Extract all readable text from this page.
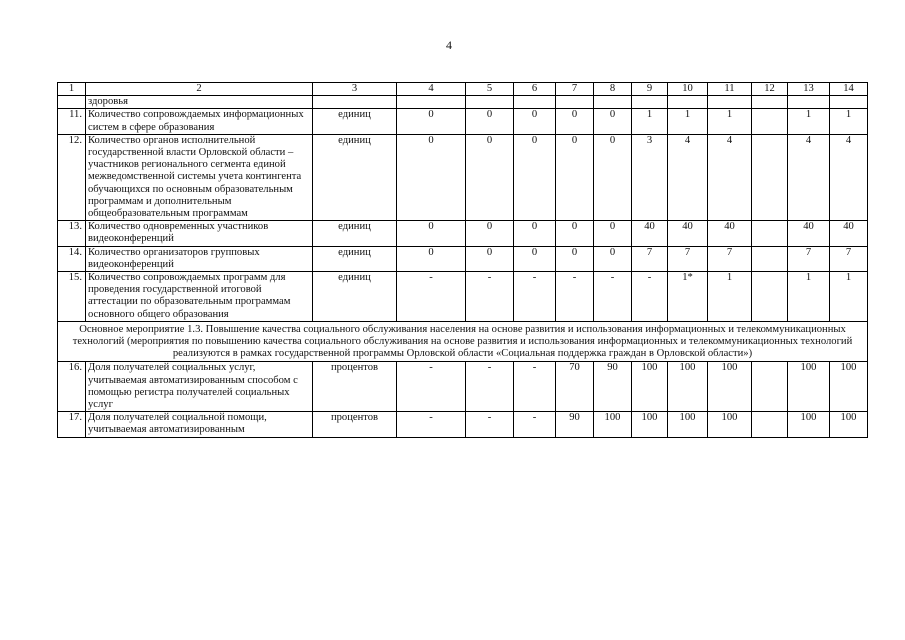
4
1	2	3	4	5	6	7	8	9	10	11	12	13	14
	здоровья												
11.	Количество сопровождаемых информационных систем в сфере образования	единиц	0	0	0	0	0	1	1	1		1	1
12.	Количество органов исполнительной государственной власти Орловской области – участников регионального сегмента единой межведомственной системы учета контингента обучающихся по основным образовательным программам и дополнительным общеобразовательным программам	единиц	0	0	0	0	0	3	4	4		4	4
13.	Количество одновременных участников видеоконференций	единиц	0	0	0	0	0	40	40	40		40	40
14.	Количество организаторов групповых видеоконференций	единиц	0	0	0	0	0	7	7	7		7	7
15.	Количество сопровождаемых программ для проведения государственной итоговой аттестации по образовательным программам основного общего образования	единиц	-	-	-	-	-	-	1*	1		1	1
Основное мероприятие 1.3. Повышение качества социального обслуживания населения на основе развития и использования информационных и телекоммуникационных технологий (мероприятия по повышению качества социального обслуживания на основе развития и использования информационных и телекоммуникационных технологий реализуются в рамках государственной программы Орловской области «Социальная поддержка граждан в Орловской области»)													
16.	Доля получателей социальных услуг, учитываемая автоматизированным способом с помощью регистра получателей социальных услуг	процентов	-	-	-	70	90	100	100	100		100	100
17.	Доля получателей социальной помощи, учитываемая автоматизированным	процентов	-	-	-	90	100	100	100	100		100	100
